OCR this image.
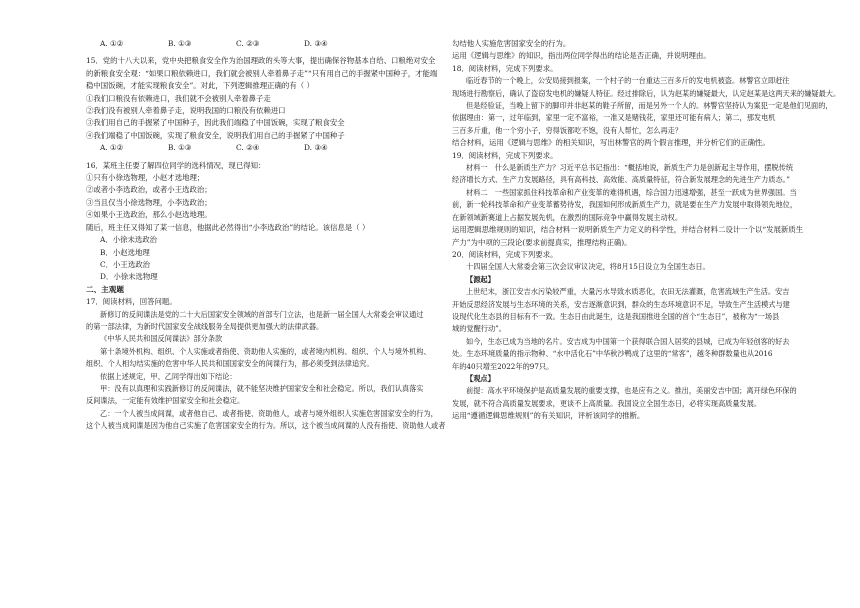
A. ①②	B. ①③	C. ②③	D. ③④
15．党的十八大以来，党中央把粮食安全作为治国理政的头等大事，提出确保谷物基本自给、口粮绝对安全
的新粮食安全观：“如果口粮依赖进口，我们就会被别人牵着鼻子走”“只有用自己的手握紧中国种子，才能端
稳中国饭碗，才能实现粮食安全”。对此，下列逻辑推理正确的有（ ）
①我们口粮没有依赖进口，我们就不会被别人牵着鼻子走
②我们没有被别人牵着鼻子走，说明我国的口粮没有依赖进口
③我们用自己的手握紧了中国种子，因此我们端稳了中国饭碗，实现了粮食安全
④我们端稳了中国饭碗，实现了粮食安全，说明我们用自己的手握紧了中国种子
A. ①②	B. ①③	C. ②④	D. ③④
16．某班主任要了解四位同学的选科情况，现已得知：
①只有小徐选物理，小赵才选地理；
②或者小李选政治，或者小王选政治；
③当且仅当小徐选物理，小李选政治；
④如果小王选政治，那么小赵选地理。
随后，班主任又得知了某一信息，他据此必然得出“小李选政治”的结论。该信息是（ ）
A．小徐未选政治
B．小赵选地理
C．小王选政治
D．小徐未选物理
二、主观题
17．阅读材料，回答问题。
新修订的反间谍法是党的二十大后国家安全领域的首部专门立法，也是新一届全国人大常委会审议通过
的第一部法律，为新时代国家安全战线服务全局提供更加强大的法律武器。
《中华人民共和国反间谍法》部分条款
第十条境外机构、组织、个人实施或者指使、资助他人实施的，或者境内机构、组织、个人与境外机构、
组织、个人相勾结实施的危害中华人民共和国国家安全的间谍行为，都必须受到法律追究。
依据上述规定，甲、乙同学得出如下结论：
甲：没有以真理和实践新修订的反间谍法，就不能坚决维护国家安全和社会稳定。所以，我们认真落实
反间谍法，一定能有效维护国家安全和社会稳定。
乙：一个人被当成间谍，或者他自己、或者指使、资助他人，或者与境外组织人实施危害国家安全的行为，
这个人被当成间谍是因为他自己实施了危害国家安全的行为。所以，这个被当成间谍的人没有指使、资助他人或者
勾结他人实施危害国家安全的行为。
运用《逻辑与思维》的知识，指出两位同学得出的结论是否正确，并说明理由。
18．阅读材料，完成下列要求。
临近春节的一个晚上，公安局接到报案，一个村子的一台重达三百多斤的发电机被盗。林警官立即赶往
现场进行勘察后，确认了盗窃发电机的嫌疑人特征。经过排除后，认为赵某的嫌疑最大，认定赵某是这两天来的嫌疑最大。
但是经验证，当晚上留下的脚印并非赵某的鞋子所留，而是另外一个人的。林警官坚持认为案犯一定是他们见面的，
依据理由：第一，过年临到，家里一定不富裕，一准又是赌钱花，家里还可能有病人；第二，那发电机
三百多斤重，他一个穷小子，穷得饭都吃不饱，没有人帮忙，怎么再走？
结合材料，运用《逻辑与思维》的相关知识，写出林警官的两个假言推理，并分析它们的正确性。
19．阅读材料，完成下列要求。
材料一　什么是新质生产力？习近平总书记指出：“概括地说，新质生产力是创新起主导作用，摆脱传统
经济增长方式、生产力发展路径，具有高科技、高效能、高质量特征，符合新发展理念的先进生产力质态。”
材料二　一些国家抓住科技革命和产业变革的难得机遇，综合国力迅速增强，甚至一跃成为世界强国。当
前，新一轮科技革命和产业变革蓄势待发，我国如何形成新质生产力，就是要在生产力发展中取得领先地位，
在新领域新赛道上占据发展先机，在激烈的国际竞争中赢得发展主动权。
运用逻辑思维规则的知识，结合材料一说明新质生产力定义的科学性，并结合材料二设计一个以“发展新质生
产力”为中项的三段论(要求前提真实，推理结构正确)。
20．阅读材料，完成下列要求。
十四届全国人大常委会第三次会议审议决定，将8月15日设立为全国生态日。
【源起】
上世纪末，浙江安吉水污染较严重，大量污水导致水质恶化，农田无法灌溉，危害流域生产生活。安吉
开始反思经济发展与生态环境的关系，安吉逐渐意识到，群众的生态环境意识不足，导致生产生活模式与建
设现代化生态县的目标有不一致。生态日由此诞生，这是我国推进全国的首个“生态日”，被称为“一场县
城的觉醒行动”。
如今，生态已成为当地的名片。安吉成为中国第一个获得联合国人居奖的县城，已成为年轻创客的好去
处。生态环境质量的指示物种、“水中活化石”中华秋沙鸭成了这里的“常客”，越冬种群数量也从2016
年的40只增至2022年的97只。
【观点】
前提：高水平环境保护是高质量发展的重要支撑，也是应有之义。推出，美丽安吉中国；离开绿色环保的
发展，就不符合高质量发展要求，更谈不上高质量。我国设立全国生态日，必将实现高质量发展。
运用“遵循逻辑思维规则”的有关知识，评析该同学的推断。
